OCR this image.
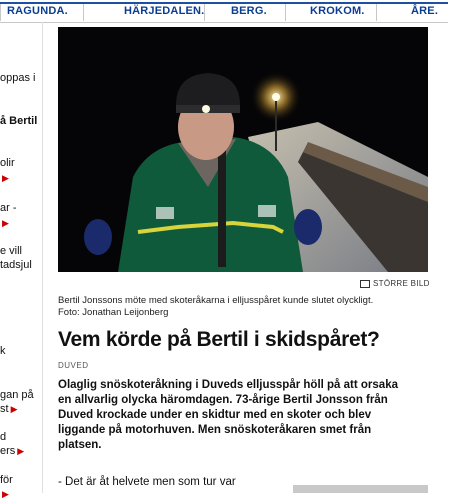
RAGUNDA.	HÄRJEDALEN. BERG.	KROKOM.	ÅRE.
oppas i
å Bertil
olir
▶
ar -
▶
e vill
tadsjul
k
gan på
st ▶
d
ers ▶
för
▶
STÖRRE BILD
Bertil Jonssons möte med skoteråkarna i elljusspåret kunde slutet olyckligt.
Foto: Jonathan Leijonberg
Vem körde på Bertil i skidspåret?
DUVED
Olaglig snöskoteråkning i Duveds elljusspår höll på att orsaka en allvarlig olycka häromdagen. 73-årige Bertil Jonsson från Duved krockade under en skidtur med en skoter och blev liggande på motorhuven. Men snöskoteråkaren smet från platsen.
- Det är åt helvete men som tur var
